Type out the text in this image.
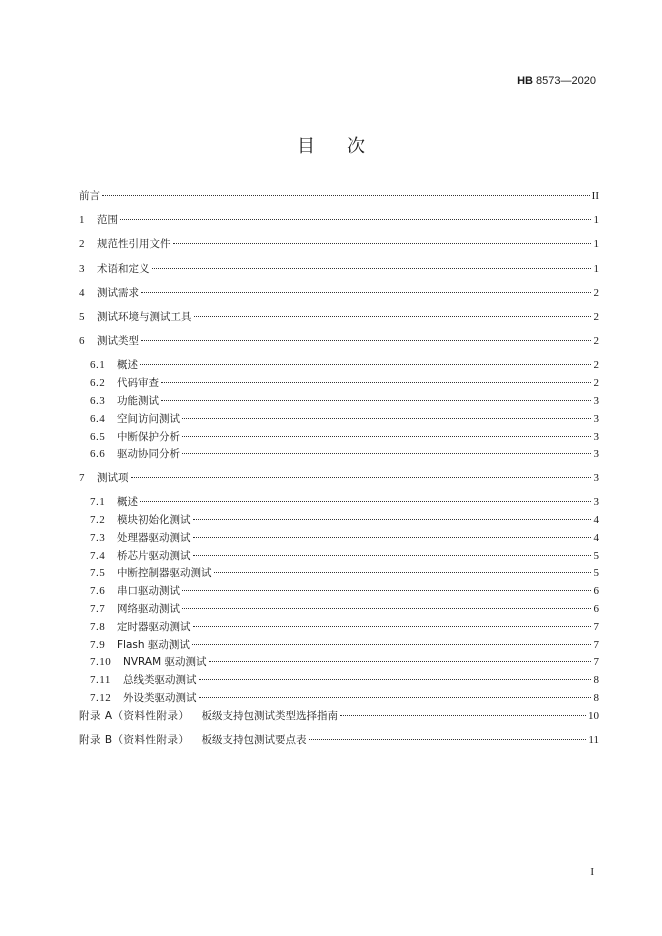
HB 8573—2020
目次
前言	II
1	范围	1
2	规范性引用文件	1
3	术语和定义	1
4	测试需求	2
5	测试环境与测试工具	2
6	测试类型	2
6.1	概述	2
6.2	代码审查	2
6.3	功能测试	3
6.4	空间访问测试	3
6.5	中断保护分析	3
6.6	驱动协同分析	3
7	测试项	3
7.1	概述	3
7.2	模块初始化测试	4
7.3	处理器驱动测试	4
7.4	桥芯片驱动测试	5
7.5	中断控制器驱动测试	5
7.6	串口驱动测试	6
7.7	网络驱动测试	6
7.8	定时器驱动测试	7
7.9	Flash 驱动测试	7
7.10	NVRAM 驱动测试	7
7.11	总线类驱动测试	8
7.12	外设类驱动测试	8
附录 A（资料性附录） 板级支持包测试类型选择指南	10
附录 B（资料性附录） 板级支持包测试要点表	11
I
